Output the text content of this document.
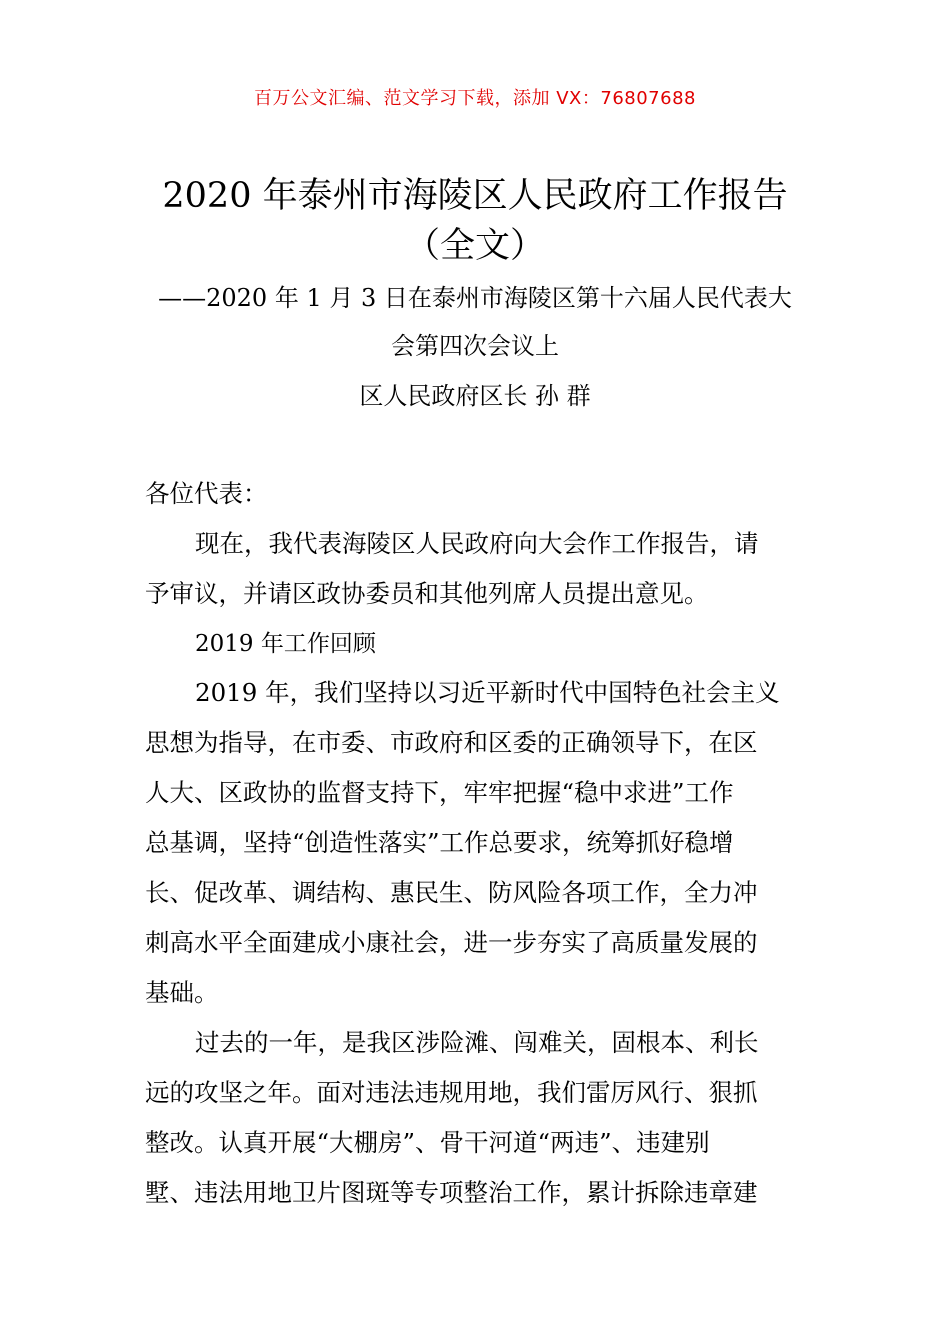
百万公文汇编、范文学习下载，添加 VX：76807688
2020 年泰州市海陵区人民政府工作报告
（全文）
——2020 年 1 月 3 日在泰州市海陵区第十六届人民代表大
会第四次会议上
区人民政府区长 孙 群
各位代表：
现在，我代表海陵区人民政府向大会作工作报告，请
予审议，并请区政协委员和其他列席人员提出意见。
2019 年工作回顾
2019 年，我们坚持以习近平新时代中国特色社会主义
思想为指导，在市委、市政府和区委的正确领导下，在区
人大、区政协的监督支持下，牢牢把握“稳中求进”工作
总基调，坚持“创造性落实”工作总要求，统筹抓好稳增
长、促改革、调结构、惠民生、防风险各项工作，全力冲
刺高水平全面建成小康社会，进一步夯实了高质量发展的
基础。
过去的一年，是我区涉险滩、闯难关，固根本、利长
远的攻坚之年。面对违法违规用地，我们雷厉风行、狠抓
整改。认真开展“大棚房”、骨干河道“两违”、违建别
墅、违法用地卫片图斑等专项整治工作，累计拆除违章建
